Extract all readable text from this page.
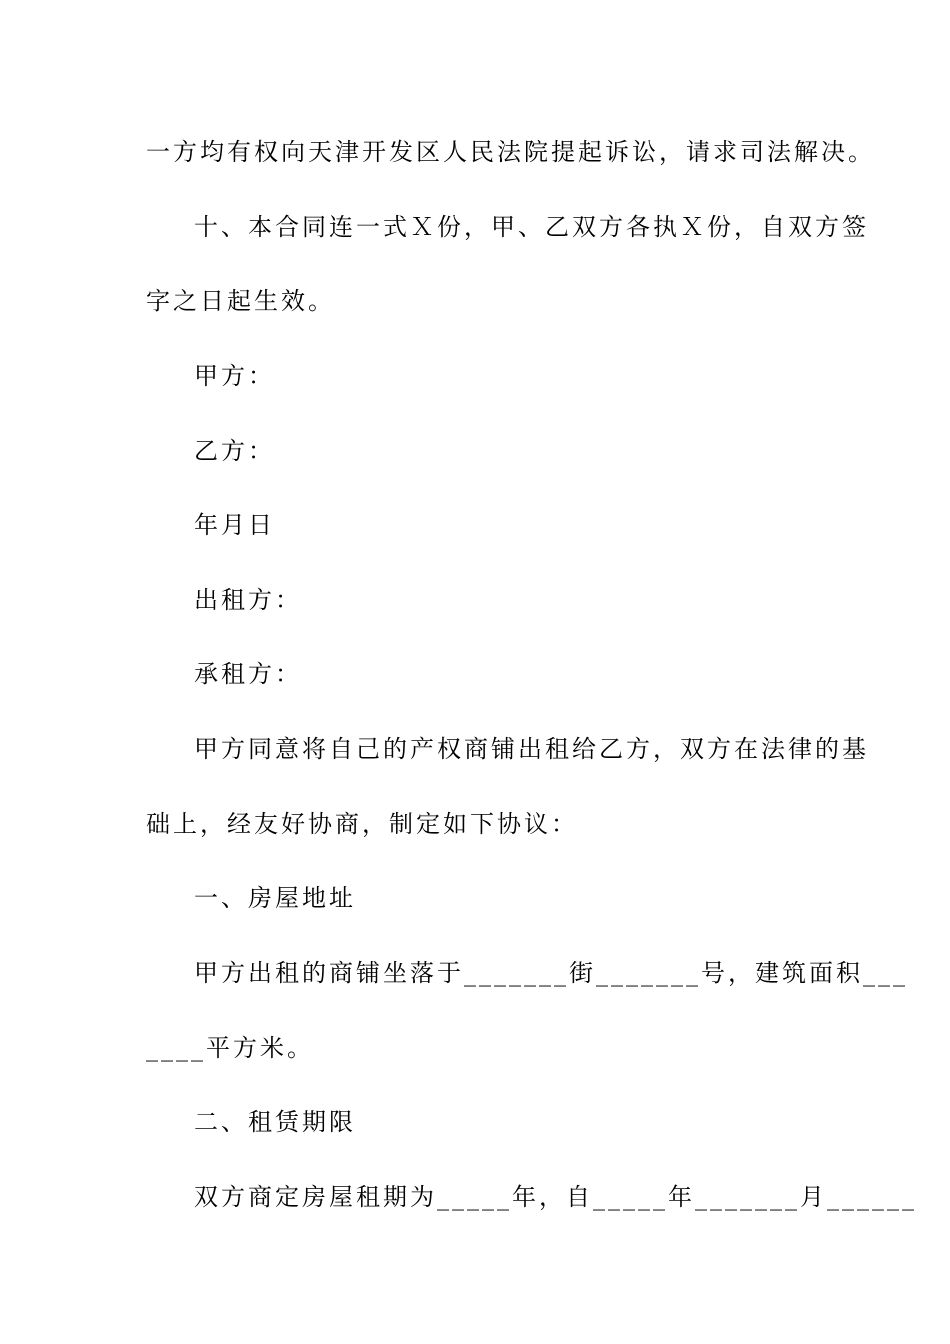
一方均有权向天津开发区人民法院提起诉讼，请求司法解决。
十、本合同连一式Ｘ份，甲、乙双方各执Ｘ份，自双方签
字之日起生效。
甲方：
乙方：
年月日
出租方：
承租方：
甲方同意将自己的产权商铺出租给乙方，双方在法律的基
础上，经友好协商，制定如下协议：
一、房屋地址
甲方出租的商铺坐落于_______街_______号，建筑面积___
____平方米。
二、租赁期限
双方商定房屋租期为_____年，自_____年_______月______
